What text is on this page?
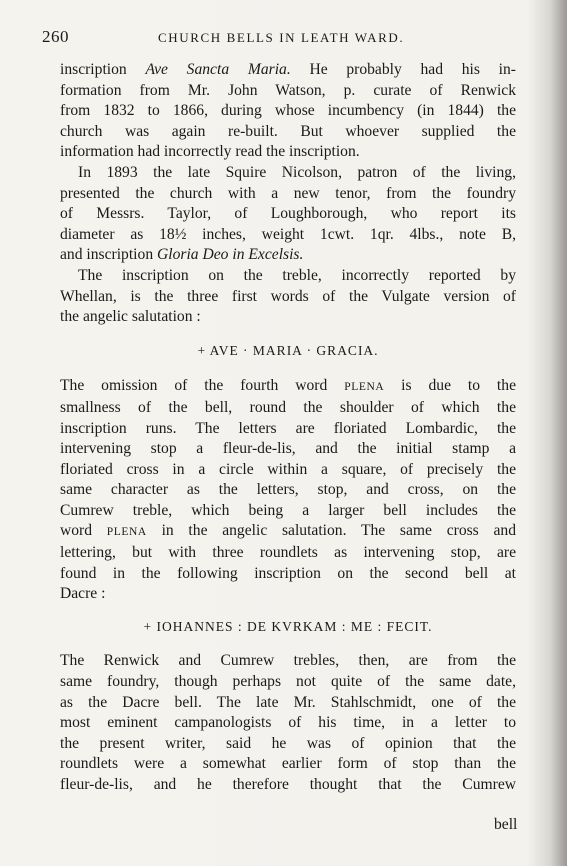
260	CHURCH BELLS IN LEATH WARD.

inscription Ave Sancta Maria. He probably had his in-

formation from Mr. John Watson, p. curate of Renwick

from 1832 to 1866, during whose incumbency (in 1844) the

church was again re-built. But whoever supplied the

information had incorrectly read the inscription.

In 1893 the late Squire Nicolson, patron of the living,

presented the church with a new tenor, from the foundry

of Messrs. Taylor, of Loughborough, who report its

diameter as 18½ inches, weight 1cwt. 1qr. 4lbs., note B,

and inscription Gloria Deo in Excelsis.

The inscription on the treble, incorrectly reported by

Whellan, is the three first words of the Vulgate version of

the angelic salutation :

+ AVE · MARIA · GRACIA.

The omission of the fourth word PLENA is due to the

smallness of the bell, round the shoulder of which the

inscription runs. The letters are floriated Lombardic, the

intervening stop a fleur-de-lis, and the initial stamp a

floriated cross in a circle within a square, of precisely the

same character as the letters, stop, and cross, on the

Cumrew treble, which being a larger bell includes the

word PLENA in the angelic salutation. The same cross and

lettering, but with three roundlets as intervening stop, are

found in the following inscription on the second bell at

Dacre :

+ IOHANNES : DE KVRKAM : ME : FECIT.

The Renwick and Cumrew trebles, then, are from the

same foundry, though perhaps not quite of the same date,

as the Dacre bell. The late Mr. Stahlschmidt, one of the

most eminent campanologists of his time, in a letter to

the present writer, said he was of opinion that the

roundlets were a somewhat earlier form of stop than the

fleur-de-lis, and he therefore thought that the Cumrew

bell
